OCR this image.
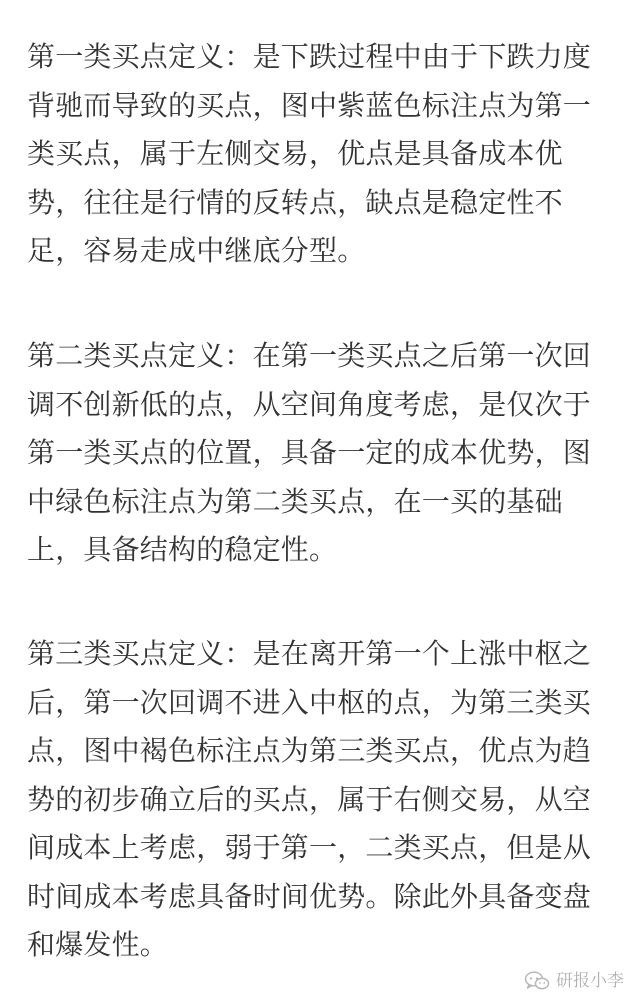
第一类买点定义：是下跌过程中由于下跌力度
背驰而导致的买点，图中紫蓝色标注点为第一
类买点，属于左侧交易，优点是具备成本优
势，往往是行情的反转点，缺点是稳定性不
足，容易走成中继底分型。

第二类买点定义：在第一类买点之后第一次回
调不创新低的点，从空间角度考虑，是仅次于
第一类买点的位置，具备一定的成本优势，图
中绿色标注点为第二类买点，在一买的基础
上，具备结构的稳定性。

第三类买点定义：是在离开第一个上涨中枢之
后，第一次回调不进入中枢的点，为第三类买
点，图中褐色标注点为第三类买点，优点为趋
势的初步确立后的买点，属于右侧交易，从空
间成本上考虑，弱于第一，二类买点，但是从
时间成本考虑具备时间优势。除此外具备变盘
和爆发性。

研报小李
